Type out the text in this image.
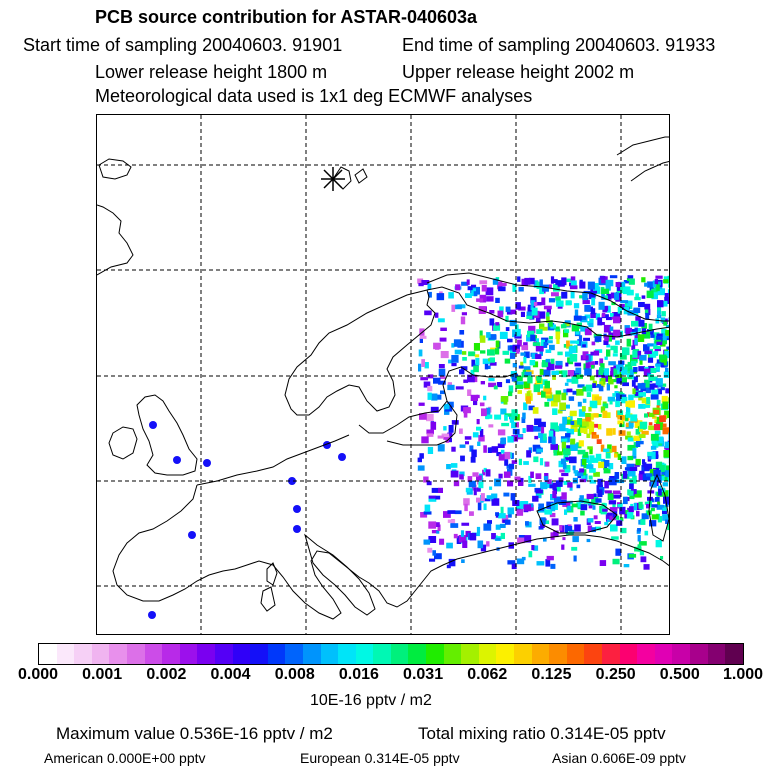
PCB source contribution for ASTAR-040603a
Start time of sampling 20040603. 91901	End time of sampling 20040603. 91933
Lower release height 1800 m	Upper release height 2002 m
Meteorological data used is 1x1 deg ECMWF analyses
0.000 0.001 0.002 0.004 0.008 0.016 0.031 0.062 0.125 0.250 0.500 1.000
10E-16 pptv / m2
Maximum value 0.536E-16 pptv / m2	Total mixing ratio 0.314E-05 pptv
American 0.000E+00 pptv	European 0.314E-05 pptv	Asian 0.606E-09 pptv
